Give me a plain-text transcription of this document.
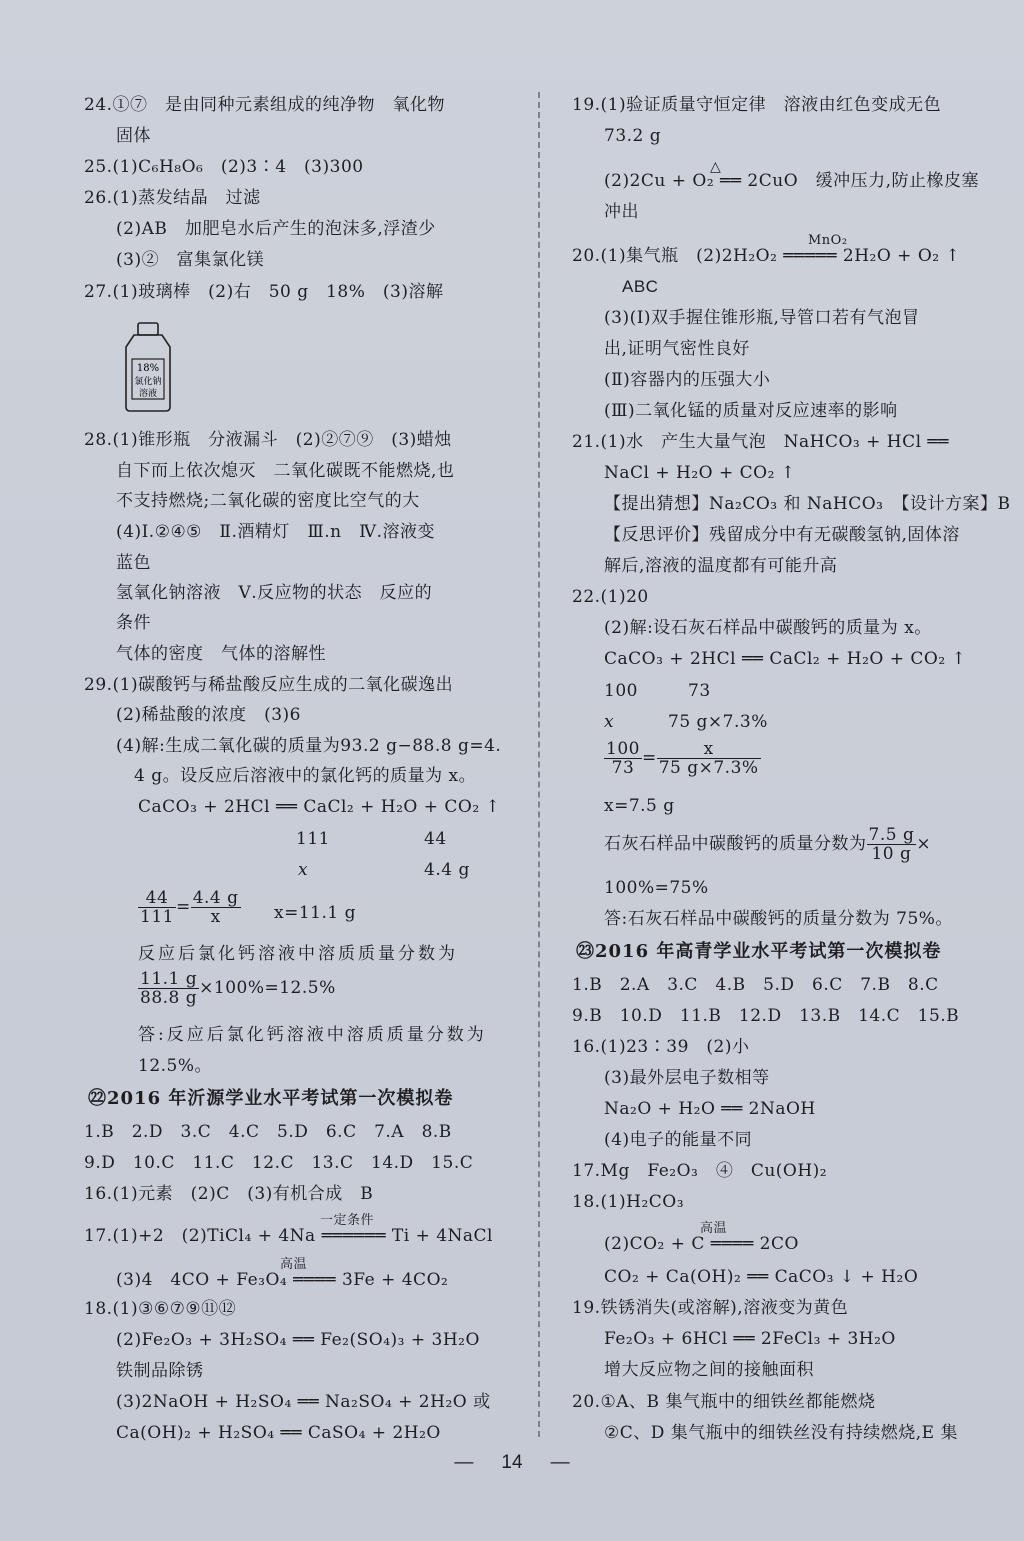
24.①⑦　是由同种元素组成的纯净物　氧化物
固体
25.(1)C₆H₈O₆　(2)3∶4　(3)300
26.(1)蒸发结晶　过滤
(2)AB　加肥皂水后产生的泡沫多,浮渣少
(3)②　富集氯化镁
27.(1)玻璃棒　(2)右　50 g　18%　(3)溶解
18%
氯化钠
溶液
28.(1)锥形瓶　分液漏斗　(2)②⑦⑨　(3)蜡烛
自下而上依次熄灭　二氧化碳既不能燃烧,也
不支持燃烧;二氧化碳的密度比空气的大
(4)Ⅰ.②④⑤　Ⅱ.酒精灯　Ⅲ.n　Ⅳ.溶液变
蓝色
氢氧化钠溶液　Ⅴ.反应物的状态　反应的
条件
气体的密度　气体的溶解性
29.(1)碳酸钙与稀盐酸反应生成的二氧化碳逸出
(2)稀盐酸的浓度　(3)6
(4)解:生成二氧化碳的质量为93.2 g−88.8 g=4.
4 g。设反应后溶液中的氯化钙的质量为 x。
CaCO₃ + 2HCl ══ CaCl₂ + H₂O + CO₂ ↑
111	44
x	4.4 g
$\frac{44}{111} = \frac{4.4 g}{x} x=11.1$ g
反应后氯化钙溶液中溶质质量分数为
$\frac{11.1 g}{88.8 g} \times 100\%=12.5\%$
答:反应后氯化钙溶液中溶质质量分数为
12.5%。
㉒2016 年沂源学业水平考试第一次模拟卷
1.B　2.D　3.C　4.C　5.D　6.C　7.A　8.B
9.D　10.C　11.C　12.C　13.C　14.D　15.C
16.(1)元素　(2)C　(3)有机合成　B
一定条件
17.(1)+2　(2)TiCl₄ + 4Na ══════ Ti + 4NaCl
高温
(3)4　4CO + Fe₃O₄ ════ 3Fe + 4CO₂
18.(1)③⑥⑦⑨⑪⑫
(2)Fe₂O₃ + 3H₂SO₄ ══ Fe₂(SO₄)₃ + 3H₂O
铁制品除锈
(3)2NaOH + H₂SO₄ ══ Na₂SO₄ + 2H₂O 或
Ca(OH)₂ + H₂SO₄ ══ CaSO₄ + 2H₂O
19.(1)验证质量守恒定律　溶液由红色变成无色
73.2 g
△
(2)2Cu + O₂ ══ 2CuO　缓冲压力,防止橡皮塞
冲出
MnO₂
20.(1)集气瓶　(2)2H₂O₂ ═════ 2H₂O + O₂ ↑
ABC
(3)(Ⅰ)双手握住锥形瓶,导管口若有气泡冒
出,证明气密性良好
(Ⅱ)容器内的压强大小
(Ⅲ)二氧化锰的质量对反应速率的影响
21.(1)水　产生大量气泡　NaHCO₃ + HCl ══
NaCl + H₂O + CO₂ ↑
【提出猜想】Na₂CO₃ 和 NaHCO₃　【设计方案】B
【反思评价】残留成分中有无碳酸氢钠,固体溶
解后,溶液的温度都有可能升高
22.(1)20
(2)解:设石灰石样品中碳酸钙的质量为 x。
CaCO₃ + 2HCl ══ CaCl₂ + H₂O + CO₂ ↑
100	73
x	75 g×7.3%
$\frac{100}{73} = \frac{x}{75 g\times 7.3\%}$
x=7.5 g
石灰石样品中碳酸钙的质量分数为 $\frac{7.5 g}{10 g}$ ×
100%=75%
答:石灰石样品中碳酸钙的质量分数为 75%。
㉓2016 年高青学业水平考试第一次模拟卷
1.B　2.A　3.C　4.B　5.D　6.C　7.B　8.C
9.B　10.D　11.B　12.D　13.B　14.C　15.B
16.(1)23∶39　(2)小
(3)最外层电子数相等
Na₂O + H₂O ══ 2NaOH
(4)电子的能量不同
17.Mg　Fe₂O₃　④　Cu(OH)₂
18.(1)H₂CO₃
高温
(2)CO₂ + C ════ 2CO
CO₂ + Ca(OH)₂ ══ CaCO₃ ↓ + H₂O
19.铁锈消失(或溶解),溶液变为黄色
Fe₂O₃ + 6HCl ══ 2FeCl₃ + 3H₂O
增大反应物之间的接触面积
20.①A、B 集气瓶中的细铁丝都能燃烧
②C、D 集气瓶中的细铁丝没有持续燃烧,E 集
— 14 —
